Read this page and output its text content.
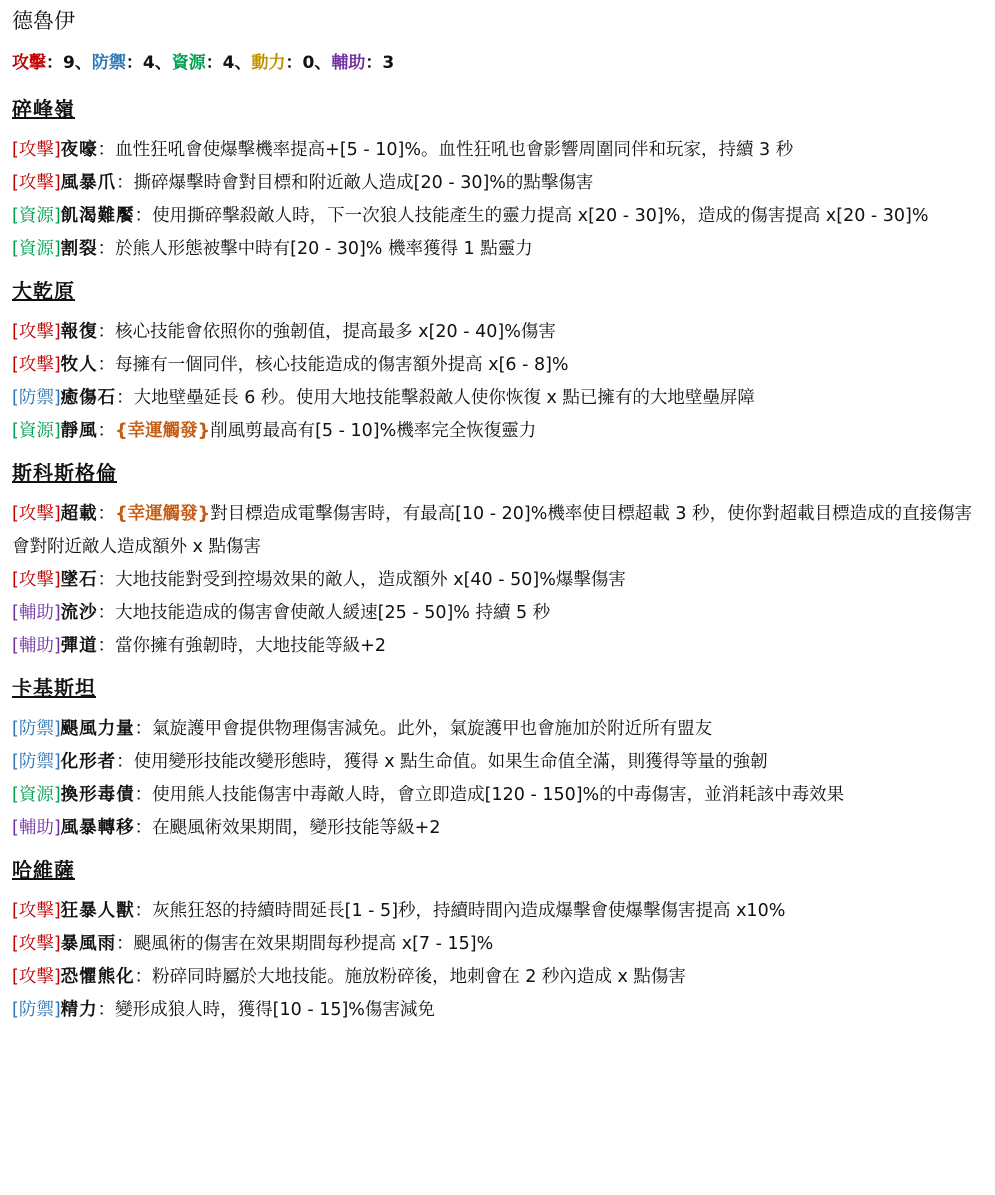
德魯伊
攻擊：9、防禦：4、資源：4、動力：0、輔助：3
碎峰嶺
[攻擊]夜嚎：血性狂吼會使爆擊機率提高+[5 - 10]%。血性狂吼也會影響周圍同伴和玩家，持續 3 秒
[攻擊]風暴爪：撕碎爆擊時會對目標和附近敵人造成[20 - 30]%的點擊傷害
[資源]飢渴難饜：使用撕碎擊殺敵人時，下一次狼人技能產生的靈力提高 x[20 - 30]%，造成的傷害提高 x[20 - 30]%
[資源]割裂：於熊人形態被擊中時有[20 - 30]% 機率獲得 1 點靈力
大乾原
[攻擊]報復：核心技能會依照你的強韌值，提高最多 x[20 - 40]%傷害
[攻擊]牧人：每擁有一個同伴，核心技能造成的傷害額外提高 x[6 - 8]%
[防禦]癒傷石：大地壁壘延長 6 秒。使用大地技能擊殺敵人使你恢復 x 點已擁有的大地壁壘屏障
[資源]靜風：{幸運觸發}削風剪最高有[5 - 10]%機率完全恢復靈力
斯科斯格倫
[攻擊]超載：{幸運觸發}對目標造成電擊傷害時，有最高[10 - 20]%機率使目標超載 3 秒，使你對超載目標造成的直接傷害會對附近敵人造成額外 x 點傷害
[攻擊]墜石：大地技能對受到控場效果的敵人，造成額外 x[40 - 50]%爆擊傷害
[輔助]流沙：大地技能造成的傷害會使敵人緩速[25 - 50]% 持續 5 秒
[輔助]彈道：當你擁有強韌時，大地技能等級+2
卡基斯坦
[防禦]颶風力量：氣旋護甲會提供物理傷害減免。此外，氣旋護甲也會施加於附近所有盟友
[防禦]化形者：使用變形技能改變形態時，獲得 x 點生命值。如果生命值全滿，則獲得等量的強韌
[資源]換形毒債：使用熊人技能傷害中毒敵人時，會立即造成[120 - 150]%的中毒傷害，並消耗該中毒效果
[輔助]風暴轉移：在颶風術效果期間，變形技能等級+2
哈維薩
[攻擊]狂暴人獸：灰熊狂怒的持續時間延長[1 - 5]秒，持續時間內造成爆擊會使爆擊傷害提高 x10%
[攻擊]暴風雨：颶風術的傷害在效果期間每秒提高 x[7 - 15]%
[攻擊]恐懼熊化：粉碎同時屬於大地技能。施放粉碎後，地刺會在 2 秒內造成 x 點傷害
[防禦]精力：變形成狼人時，獲得[10 - 15]%傷害減免
